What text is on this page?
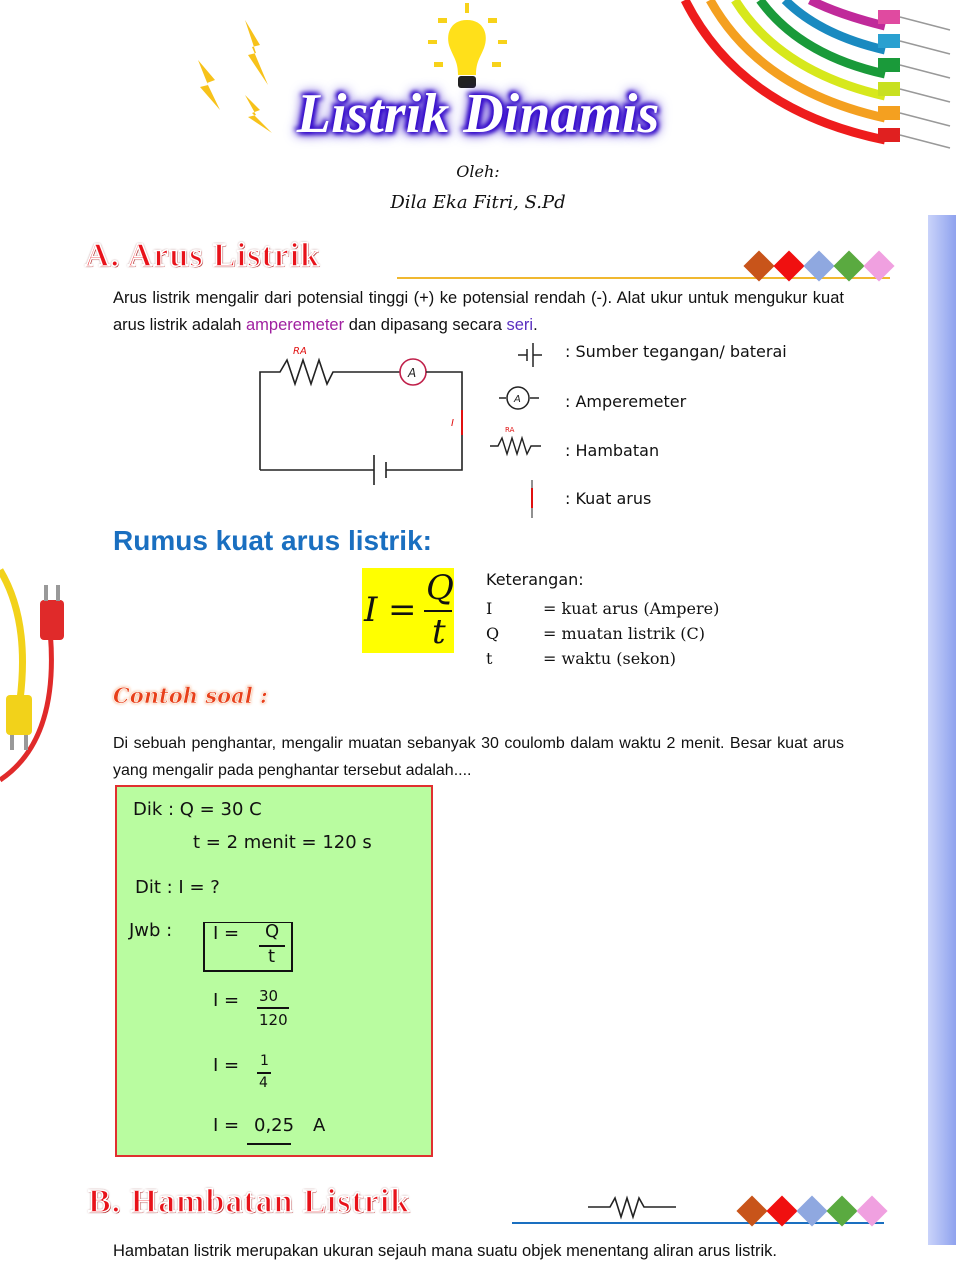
Listrik Dinamis
Oleh:
Dila Eka Fitri, S.Pd
A. Arus Listrik

Arus listrik mengalir dari potensial tinggi (+) ke potensial rendah (-). Alat ukur untuk mengukur kuat arus listrik adalah amperemeter dan dipasang secara seri.

A
RA
I
: Sumber tegangan/ baterai
A	: Amperemeter
RA
: Hambatan
: Kuat arus
Rumus kuat arus listrik:
I =
Q
t
Keterangan:
I	= kuat arus (Ampere)
Q	= muatan listrik (C)
t	= waktu (sekon)
Contoh soal :

Di sebuah penghantar, mengalir muatan sebanyak 30 coulomb dalam waktu 2 menit. Besar kuat arus yang mengalir pada penghantar tersebut adalah....

Dik : Q = 30 C
t = 2 menit = 120 s
Dit : I = ?
Jwb : I = Q
t
I = 30
120
I = 1
4
I = 0,25 A
B. Hambatan Listrik

Hambatan listrik merupakan ukuran sejauh mana suatu objek menentang aliran arus listrik.
